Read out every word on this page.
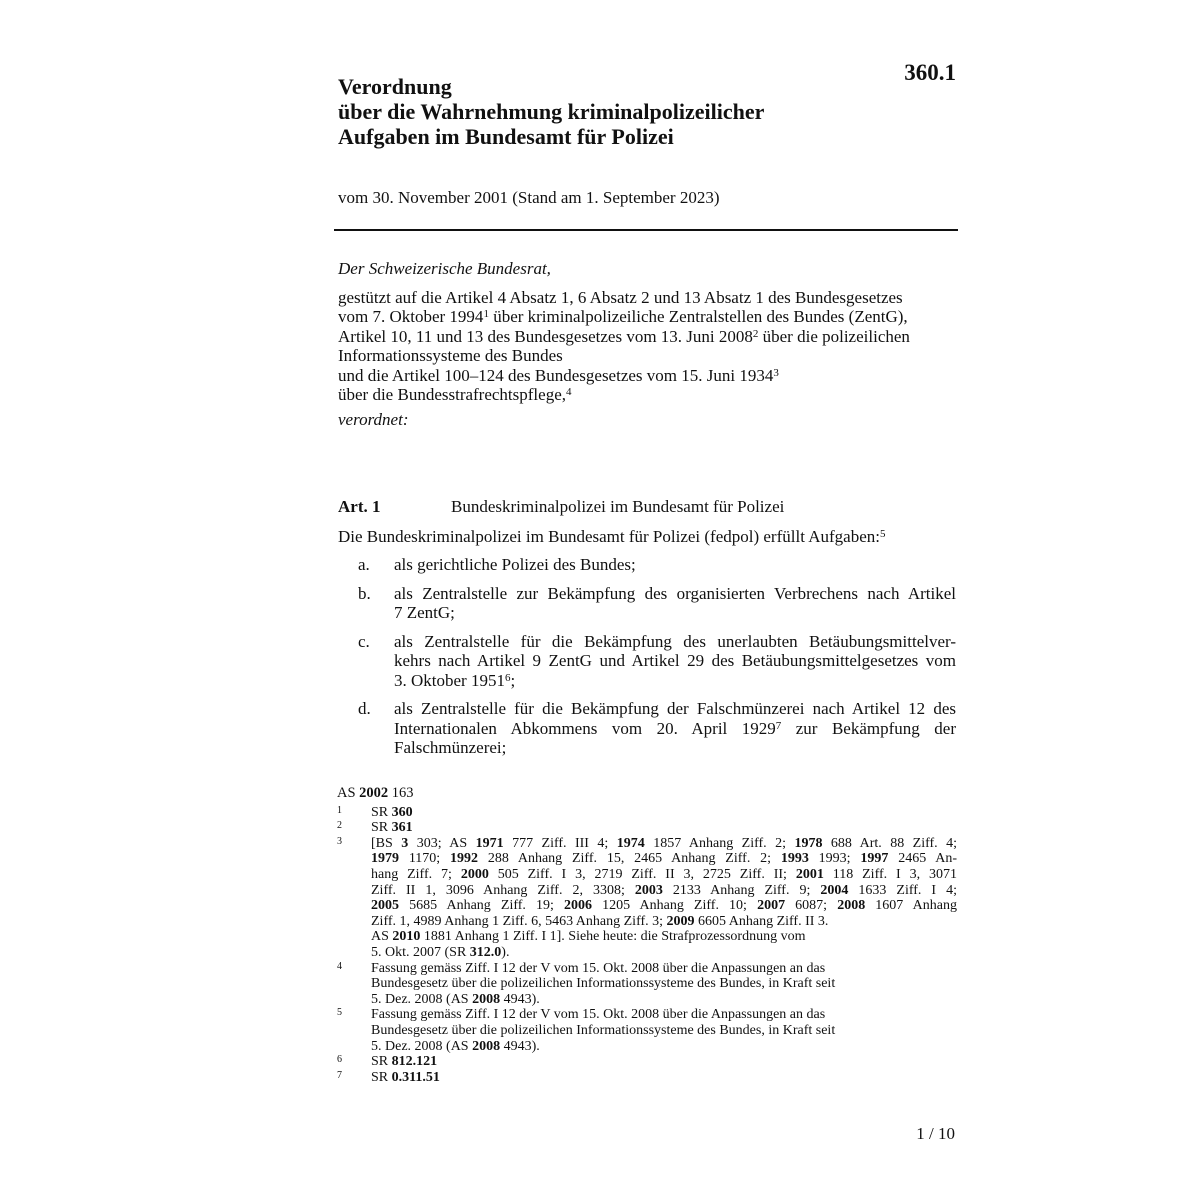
360.1
Verordnung
über die Wahrnehmung kriminalpolizeilicher
Aufgaben im Bundesamt für Polizei
vom 30. November 2001 (Stand am 1. September 2023)
Der Schweizerische Bundesrat,
gestützt auf die Artikel 4 Absatz 1, 6 Absatz 2 und 13 Absatz 1 des Bundesgesetzes
vom 7. Oktober 1994$^1$ über kriminalpolizeiliche Zentralstellen des Bundes (ZentG),
Artikel 10, 11 und 13 des Bundesgesetzes vom 13. Juni 2008$^2$ über die polizeilichen
Informationssysteme des Bundes
und die Artikel 100–124 des Bundesgesetzes vom 15. Juni 1934$^3$
über die Bundesstrafrechtspflege,$^4$
verordnet:
Art. 1	Bundeskriminalpolizei im Bundesamt für Polizei
Die Bundeskriminalpolizei im Bundesamt für Polizei (fedpol) erfüllt Aufgaben:$^5$
a. als gerichtliche Polizei des Bundes;
b. als Zentralstelle zur Bekämpfung des organisierten Verbrechens nach Artikel
7 ZentG;
c. als Zentralstelle für die Bekämpfung des unerlaubten Betäubungsmittelver-
kehrs nach Artikel 9 ZentG und Artikel 29 des Betäubungsmittelgesetzes vom
3. Oktober 1951$^6$;
d. als Zentralstelle für die Bekämpfung der Falschmünzerei nach Artikel 12 des
Internationalen Abkommens vom 20. April 1929$^7$ zur Bekämpfung der
Falschmünzerei;
AS 2002 163
1 SR 360
2 SR 361
3 [BS 3 303; AS 1971 777 Ziff. III 4; 1974 1857 Anhang Ziff. 2; 1978 688 Art. 88 Ziff. 4;
1979 1170; 1992 288 Anhang Ziff. 15, 2465 Anhang Ziff. 2; 1993 1993; 1997 2465 An-
hang Ziff. 7; 2000 505 Ziff. I 3, 2719 Ziff. II 3, 2725 Ziff. II; 2001 118 Ziff. I 3, 3071
Ziff. II 1, 3096 Anhang Ziff. 2, 3308; 2003 2133 Anhang Ziff. 9; 2004 1633 Ziff. I 4;
2005 5685 Anhang Ziff. 19; 2006 1205 Anhang Ziff. 10; 2007 6087; 2008 1607 Anhang
Ziff. 1, 4989 Anhang 1 Ziff. 6, 5463 Anhang Ziff. 3; 2009 6605 Anhang Ziff. II 3.
AS 2010 1881 Anhang 1 Ziff. I 1]. Siehe heute: die Strafprozessordnung vom
5. Okt. 2007 (SR 312.0).
4 Fassung gemäss Ziff. I 12 der V vom 15. Okt. 2008 über die Anpassungen an das
Bundesgesetz über die polizeilichen Informationssysteme des Bundes, in Kraft seit
5. Dez. 2008 (AS 2008 4943).
5 Fassung gemäss Ziff. I 12 der V vom 15. Okt. 2008 über die Anpassungen an das
Bundesgesetz über die polizeilichen Informationssysteme des Bundes, in Kraft seit
5. Dez. 2008 (AS 2008 4943).
6 SR 812.121
7 SR 0.311.51
1 / 10
